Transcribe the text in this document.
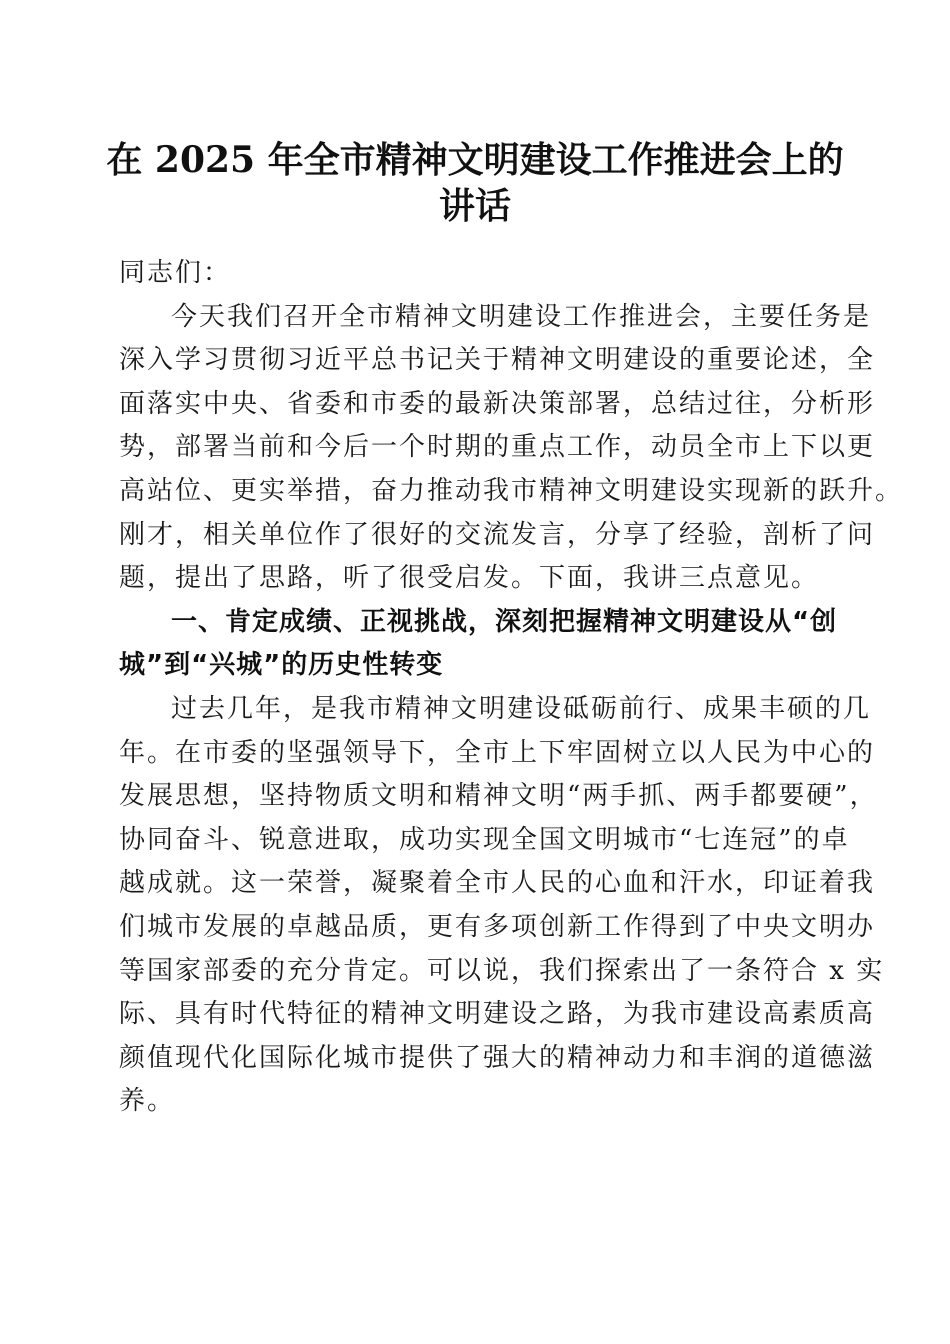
在 2025 年全市精神文明建设工作推进会上的
讲话
同志们：
今天我们召开全市精神文明建设工作推进会，主要任务是
深入学习贯彻习近平总书记关于精神文明建设的重要论述，全
面落实中央、省委和市委的最新决策部署，总结过往，分析形
势，部署当前和今后一个时期的重点工作，动员全市上下以更
高站位、更实举措，奋力推动我市精神文明建设实现新的跃升。
刚才，相关单位作了很好的交流发言，分享了经验，剖析了问
题，提出了思路，听了很受启发。下面，我讲三点意见。
一、肯定成绩、正视挑战，深刻把握精神文明建设从“创
城”到“兴城”的历史性转变
过去几年，是我市精神文明建设砥砺前行、成果丰硕的几
年。在市委的坚强领导下，全市上下牢固树立以人民为中心的
发展思想，坚持物质文明和精神文明“两手抓、两手都要硬”，
协同奋斗、锐意进取，成功实现全国文明城市“七连冠”的卓
越成就。这一荣誉，凝聚着全市人民的心血和汗水，印证着我
们城市发展的卓越品质，更有多项创新工作得到了中央文明办
等国家部委的充分肯定。可以说，我们探索出了一条符合 x 实
际、具有时代特征的精神文明建设之路，为我市建设高素质高
颜值现代化国际化城市提供了强大的精神动力和丰润的道德滋
养。
